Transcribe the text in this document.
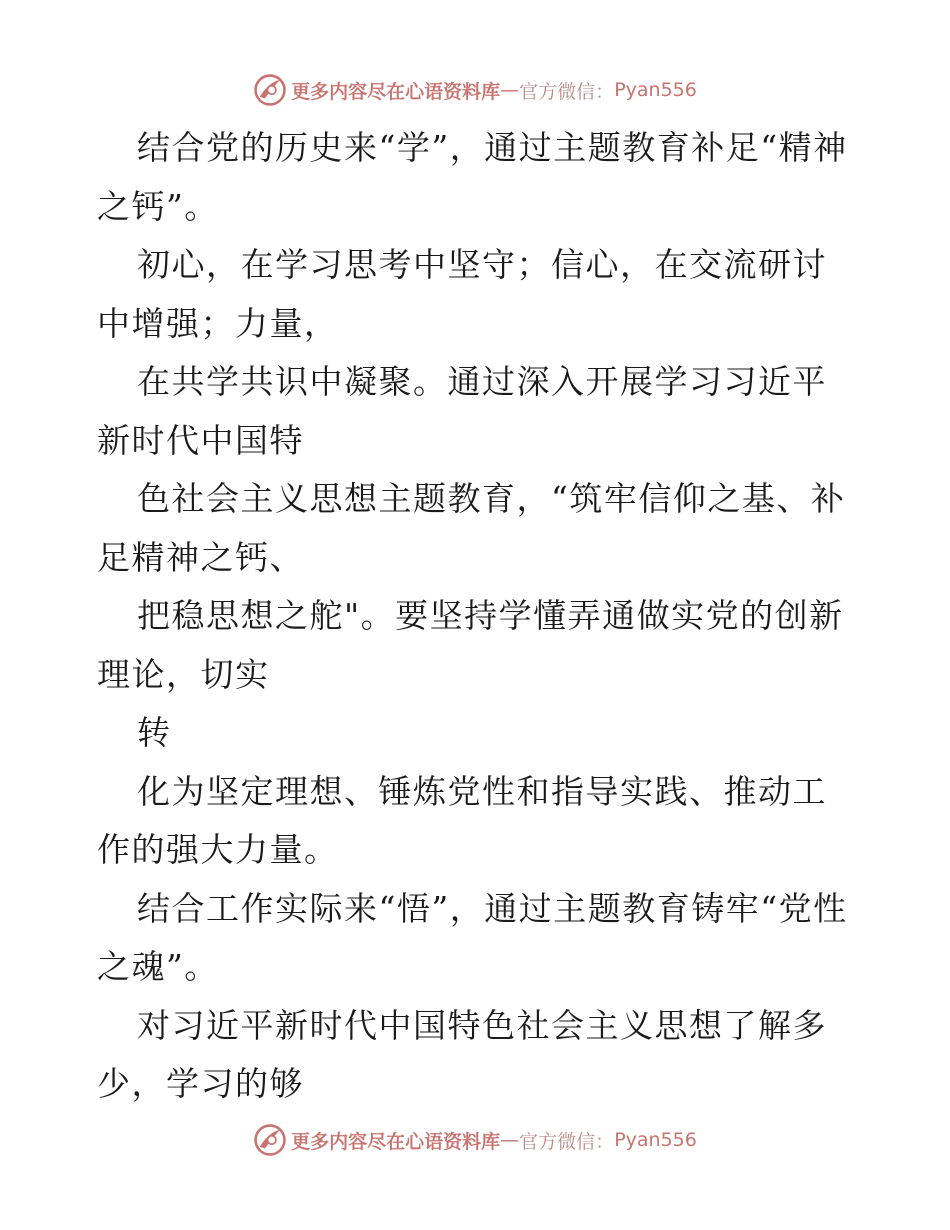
更多内容尽在心语资料库 — 官方微信： Pyan556

结合党的历史来“学”，通过主题教育补足“精神之钙”。

初心，在学习思考中坚守；信心，在交流研讨中增强；力量，

在共学共识中凝聚。通过深入开展学习习近平新时代中国特

色社会主义思想主题教育，“筑牢信仰之基、补足精神之钙、

把稳思想之舵"。要坚持学懂弄通做实党的创新理论，切实

转

化为坚定理想、锤炼党性和指导实践、推动工作的强大力量。

结合工作实际来“悟”，通过主题教育铸牢“党性之魂”。

对习近平新时代中国特色社会主义思想了解多少，学习的够

更多内容尽在心语资料库 — 官方微信： Pyan556
